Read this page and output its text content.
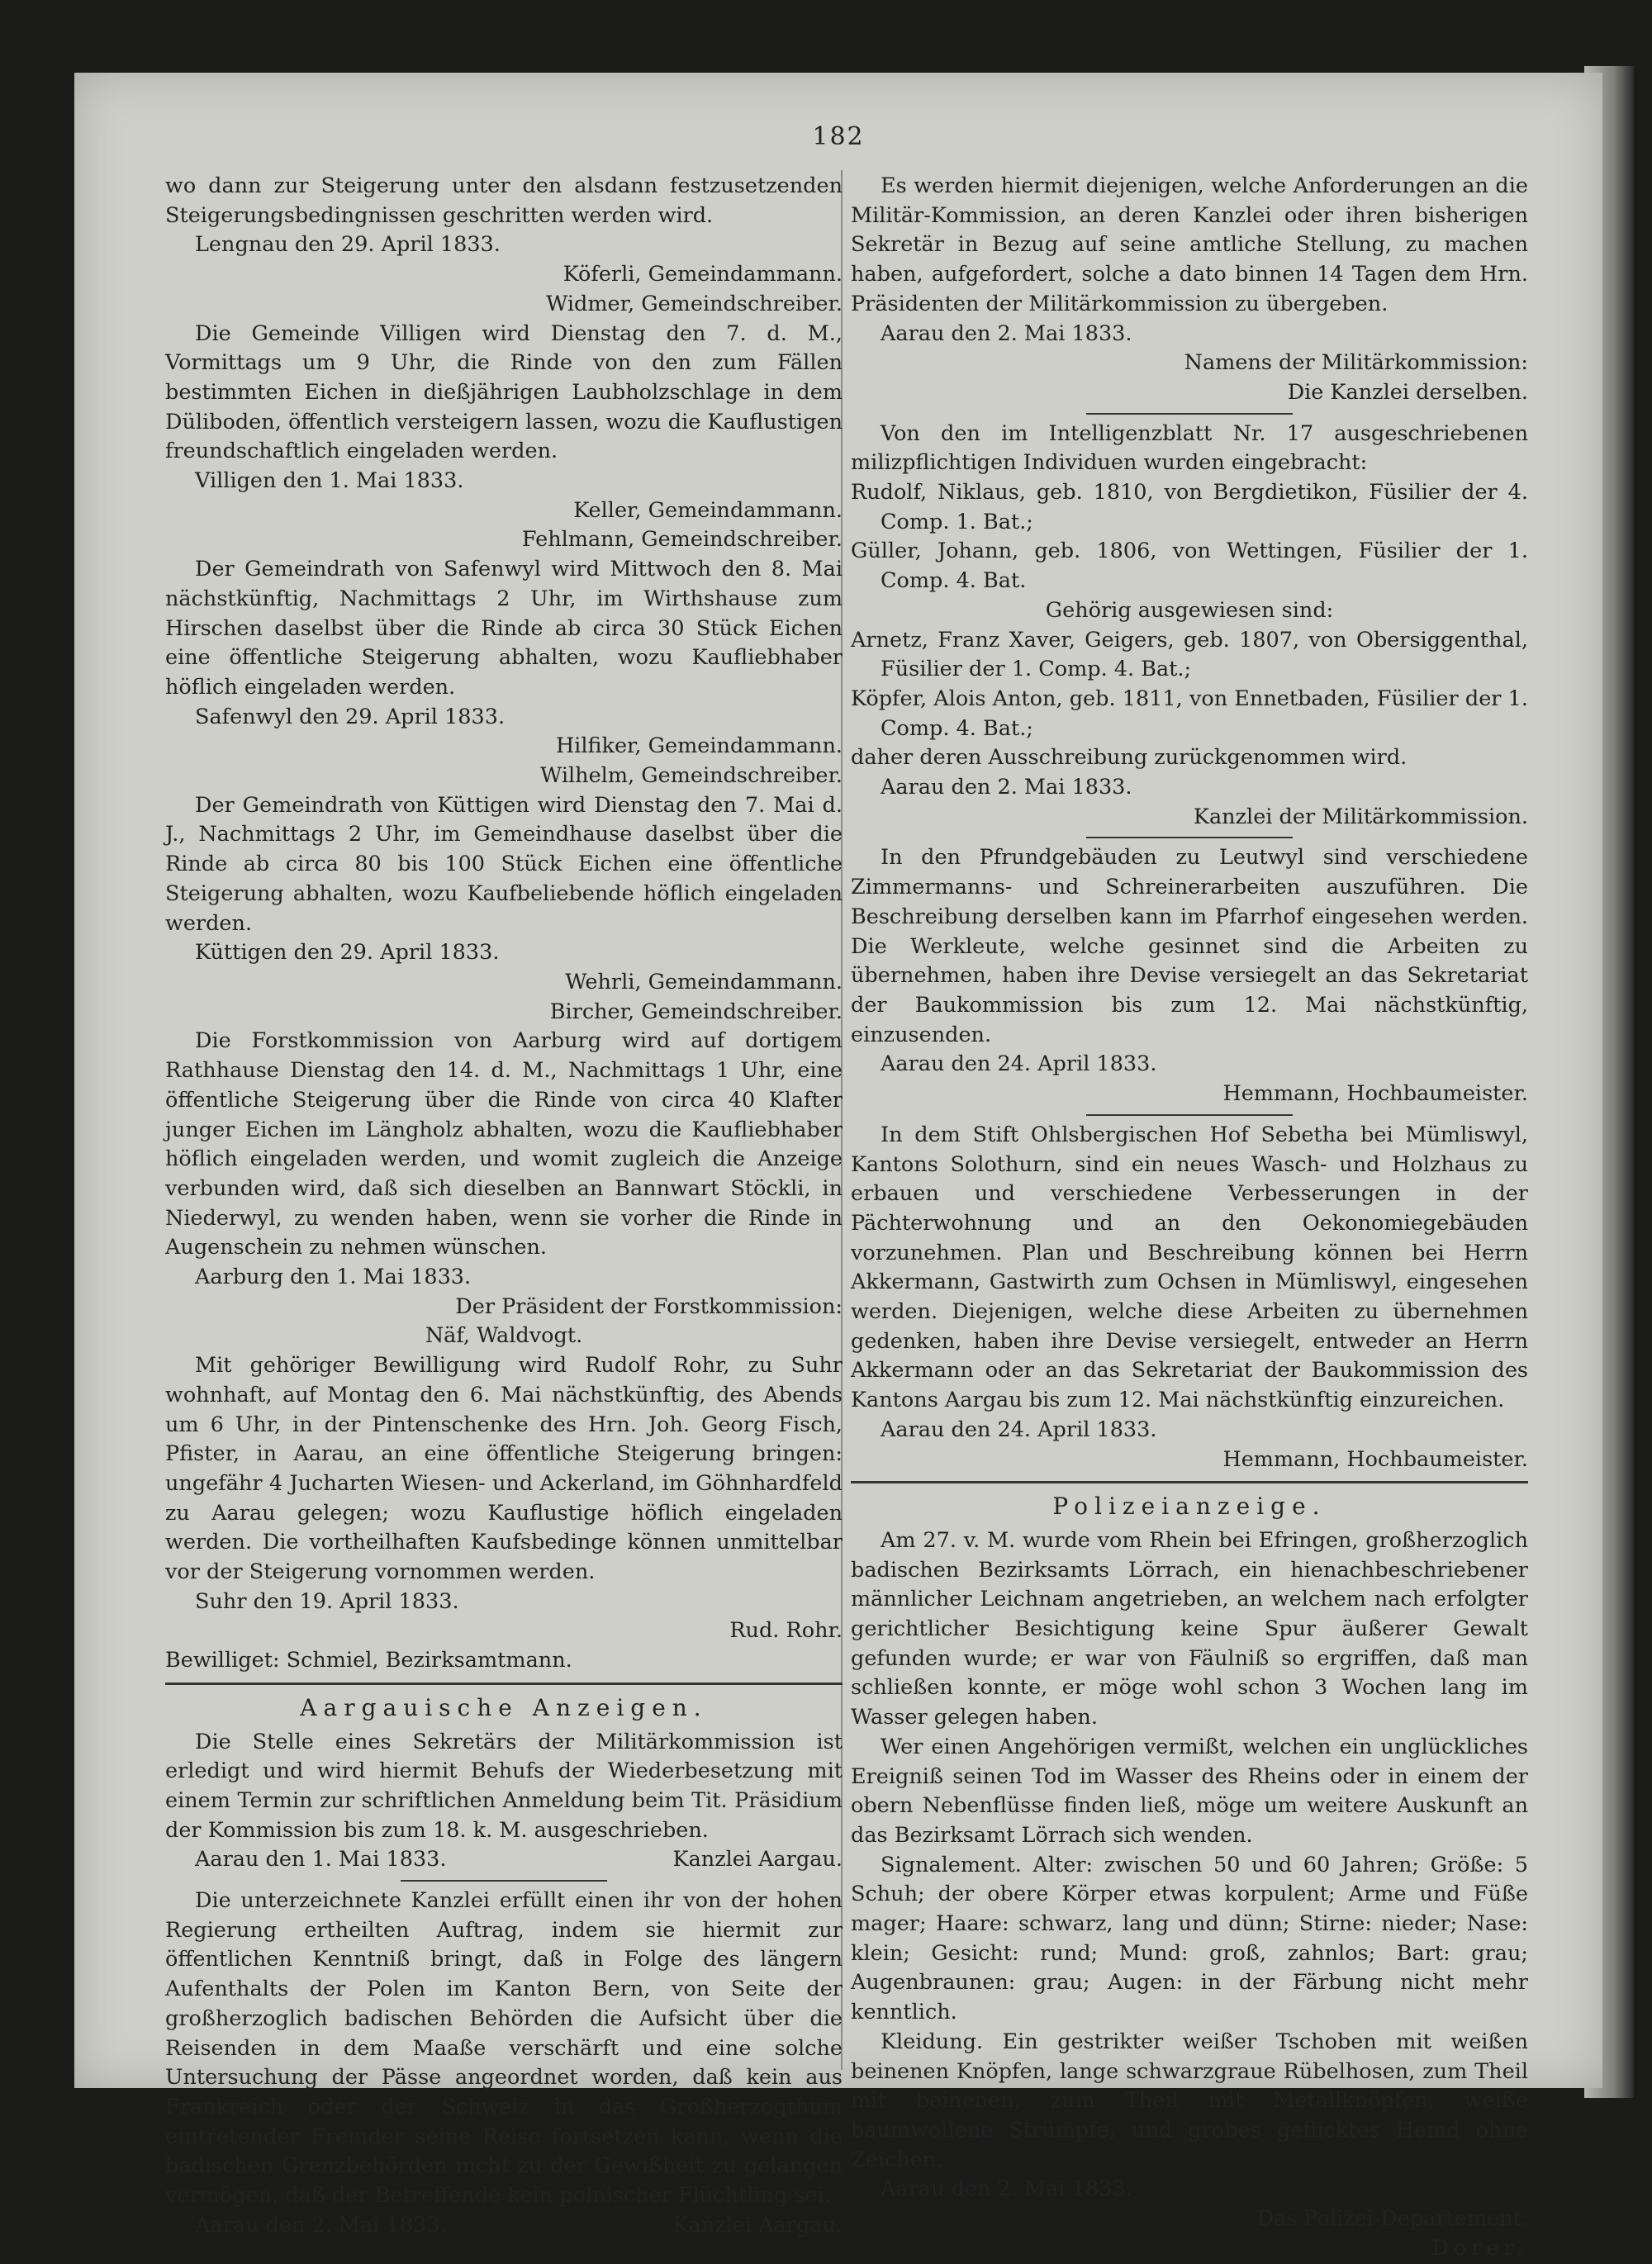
182

wo dann zur Steigerung unter den alsdann festzusetzenden Steigerungsbedingnissen geschritten werden wird.

Lengnau den 29. April 1833.

Köferli, Gemeindammann.

Widmer, Gemeindschreiber.

Die Gemeinde Villigen wird Dienstag den 7. d. M., Vormittags um 9 Uhr, die Rinde von den zum Fällen bestimmten Eichen in dießjährigen Laubholzschlage in dem Düliboden, öffentlich versteigern lassen, wozu die Kauflustigen freundschaftlich eingeladen werden.

Villigen den 1. Mai 1833.

Keller, Gemeindammann.

Fehlmann, Gemeindschreiber.

Der Gemeindrath von Safenwyl wird Mittwoch den 8. Mai nächstkünftig, Nachmittags 2 Uhr, im Wirthshause zum Hirschen daselbst über die Rinde ab circa 30 Stück Eichen eine öffentliche Steigerung abhalten, wozu Kaufliebhaber höflich eingeladen werden.

Safenwyl den 29. April 1833.

Hilfiker, Gemeindammann.

Wilhelm, Gemeindschreiber.

Der Gemeindrath von Küttigen wird Dienstag den 7. Mai d. J., Nachmittags 2 Uhr, im Gemeindhause daselbst über die Rinde ab circa 80 bis 100 Stück Eichen eine öffentliche Steigerung abhalten, wozu Kaufbeliebende höflich eingeladen werden.

Küttigen den 29. April 1833.

Wehrli, Gemeindammann.

Bircher, Gemeindschreiber.

Die Forstkommission von Aarburg wird auf dortigem Rathhause Dienstag den 14. d. M., Nachmittags 1 Uhr, eine öffentliche Steigerung über die Rinde von circa 40 Klafter junger Eichen im Längholz abhalten, wozu die Kaufliebhaber höflich eingeladen werden, und womit zugleich die Anzeige verbunden wird, daß sich dieselben an Bannwart Stöckli, in Niederwyl, zu wenden haben, wenn sie vorher die Rinde in Augenschein zu nehmen wünschen.

Aarburg den 1. Mai 1833.

Der Präsident der Forstkommission:

Näf, Waldvogt.

Mit gehöriger Bewilligung wird Rudolf Rohr, zu Suhr wohnhaft, auf Montag den 6. Mai nächstkünftig, des Abends um 6 Uhr, in der Pintenschenke des Hrn. Joh. Georg Fisch, Pfister, in Aarau, an eine öffentliche Steigerung bringen: ungefähr 4 Jucharten Wiesen- und Ackerland, im Göhnhardfeld zu Aarau gelegen; wozu Kauflustige höflich eingeladen werden. Die vortheilhaften Kaufsbedinge können unmittelbar vor der Steigerung vornommen werden.

Suhr den 19. April 1833.

Rud. Rohr.

Bewilliget: Schmiel, Bezirksamtmann.

Aargauische Anzeigen.

Die Stelle eines Sekretärs der Militärkommission ist erledigt und wird hiermit Behufs der Wiederbesetzung mit einem Termin zur schriftlichen Anmeldung beim Tit. Präsidium der Kommission bis zum 18. k. M. ausgeschrieben.

Aarau den 1. Mai 1833.	Kanzlei Aargau.

Die unterzeichnete Kanzlei erfüllt einen ihr von der hohen Regierung ertheilten Auftrag, indem sie hiermit zur öffentlichen Kenntniß bringt, daß in Folge des längern Aufenthalts der Polen im Kanton Bern, von Seite der großherzoglich badischen Behörden die Aufsicht über die Reisenden in dem Maaße verschärft und eine solche Untersuchung der Pässe angeordnet worden, daß kein aus Frankreich oder der Schweiz in das Großherzogthum eintretender Fremder seine Reise fortsetzen kann, wenn die badischen Grenzbehörden nicht zu der Gewißheit zu gelangen vermögen, daß der Betreffende kein polnischer Flüchtling sei.

Aarau den 2. Mai 1833.	Kanzlei Aargau.

Es werden hiermit diejenigen, welche Anforderungen an die Militär-Kommission, an deren Kanzlei oder ihren bisherigen Sekretär in Bezug auf seine amtliche Stellung, zu machen haben, aufgefordert, solche a dato binnen 14 Tagen dem Hrn. Präsidenten der Militärkommission zu übergeben.

Aarau den 2. Mai 1833.

Namens der Militärkommission:

Die Kanzlei derselben.

Von den im Intelligenzblatt Nr. 17 ausgeschriebenen milizpflichtigen Individuen wurden eingebracht:

Rudolf, Niklaus, geb. 1810, von Bergdietikon, Füsilier der 4. Comp. 1. Bat.;

Güller, Johann, geb. 1806, von Wettingen, Füsilier der 1. Comp. 4. Bat.

Gehörig ausgewiesen sind:

Arnetz, Franz Xaver, Geigers, geb. 1807, von Obersiggenthal, Füsilier der 1. Comp. 4. Bat.;

Köpfer, Alois Anton, geb. 1811, von Ennetbaden, Füsilier der 1. Comp. 4. Bat.;

daher deren Ausschreibung zurückgenommen wird.

Aarau den 2. Mai 1833.

Kanzlei der Militärkommission.

In den Pfrundgebäuden zu Leutwyl sind verschiedene Zimmermanns- und Schreinerarbeiten auszuführen. Die Beschreibung derselben kann im Pfarrhof eingesehen werden. Die Werkleute, welche gesinnet sind die Arbeiten zu übernehmen, haben ihre Devise versiegelt an das Sekretariat der Baukommission bis zum 12. Mai nächstkünftig, einzusenden.

Aarau den 24. April 1833.

Hemmann, Hochbaumeister.

In dem Stift Ohlsbergischen Hof Sebetha bei Mümliswyl, Kantons Solothurn, sind ein neues Wasch- und Holzhaus zu erbauen und verschiedene Verbesserungen in der Pächterwohnung und an den Oekonomiegebäuden vorzunehmen. Plan und Beschreibung können bei Herrn Akkermann, Gastwirth zum Ochsen in Mümliswyl, eingesehen werden. Diejenigen, welche diese Arbeiten zu übernehmen gedenken, haben ihre Devise versiegelt, entweder an Herrn Akkermann oder an das Sekretariat der Baukommission des Kantons Aargau bis zum 12. Mai nächstkünftig einzureichen.

Aarau den 24. April 1833.

Hemmann, Hochbaumeister.

Polizeianzeige.

Am 27. v. M. wurde vom Rhein bei Efringen, großherzoglich badischen Bezirksamts Lörrach, ein hienachbeschriebener männlicher Leichnam angetrieben, an welchem nach erfolgter gerichtlicher Besichtigung keine Spur äußerer Gewalt gefunden wurde; er war von Fäulniß so ergriffen, daß man schließen konnte, er möge wohl schon 3 Wochen lang im Wasser gelegen haben.

Wer einen Angehörigen vermißt, welchen ein unglückliches Ereigniß seinen Tod im Wasser des Rheins oder in einem der obern Nebenflüsse finden ließ, möge um weitere Auskunft an das Bezirksamt Lörrach sich wenden.

Signalement. Alter: zwischen 50 und 60 Jahren; Größe: 5 Schuh; der obere Körper etwas korpulent; Arme und Füße mager; Haare: schwarz, lang und dünn; Stirne: nieder; Nase: klein; Gesicht: rund; Mund: groß, zahnlos; Bart: grau; Augenbraunen: grau; Augen: in der Färbung nicht mehr kenntlich.

Kleidung. Ein gestrikter weißer Tschoben mit weißen beinenen Knöpfen, lange schwarzgraue Rübelhosen, zum Theil mit beinenen, zum Theil mit Metallknöpfen, weiße baumwollene Strümpfe, und grobes geflicktes Hemd ohne Zeichen.

Aarau den 2. Mai 1833.

Das Polizei-Departement.

Dorer.
